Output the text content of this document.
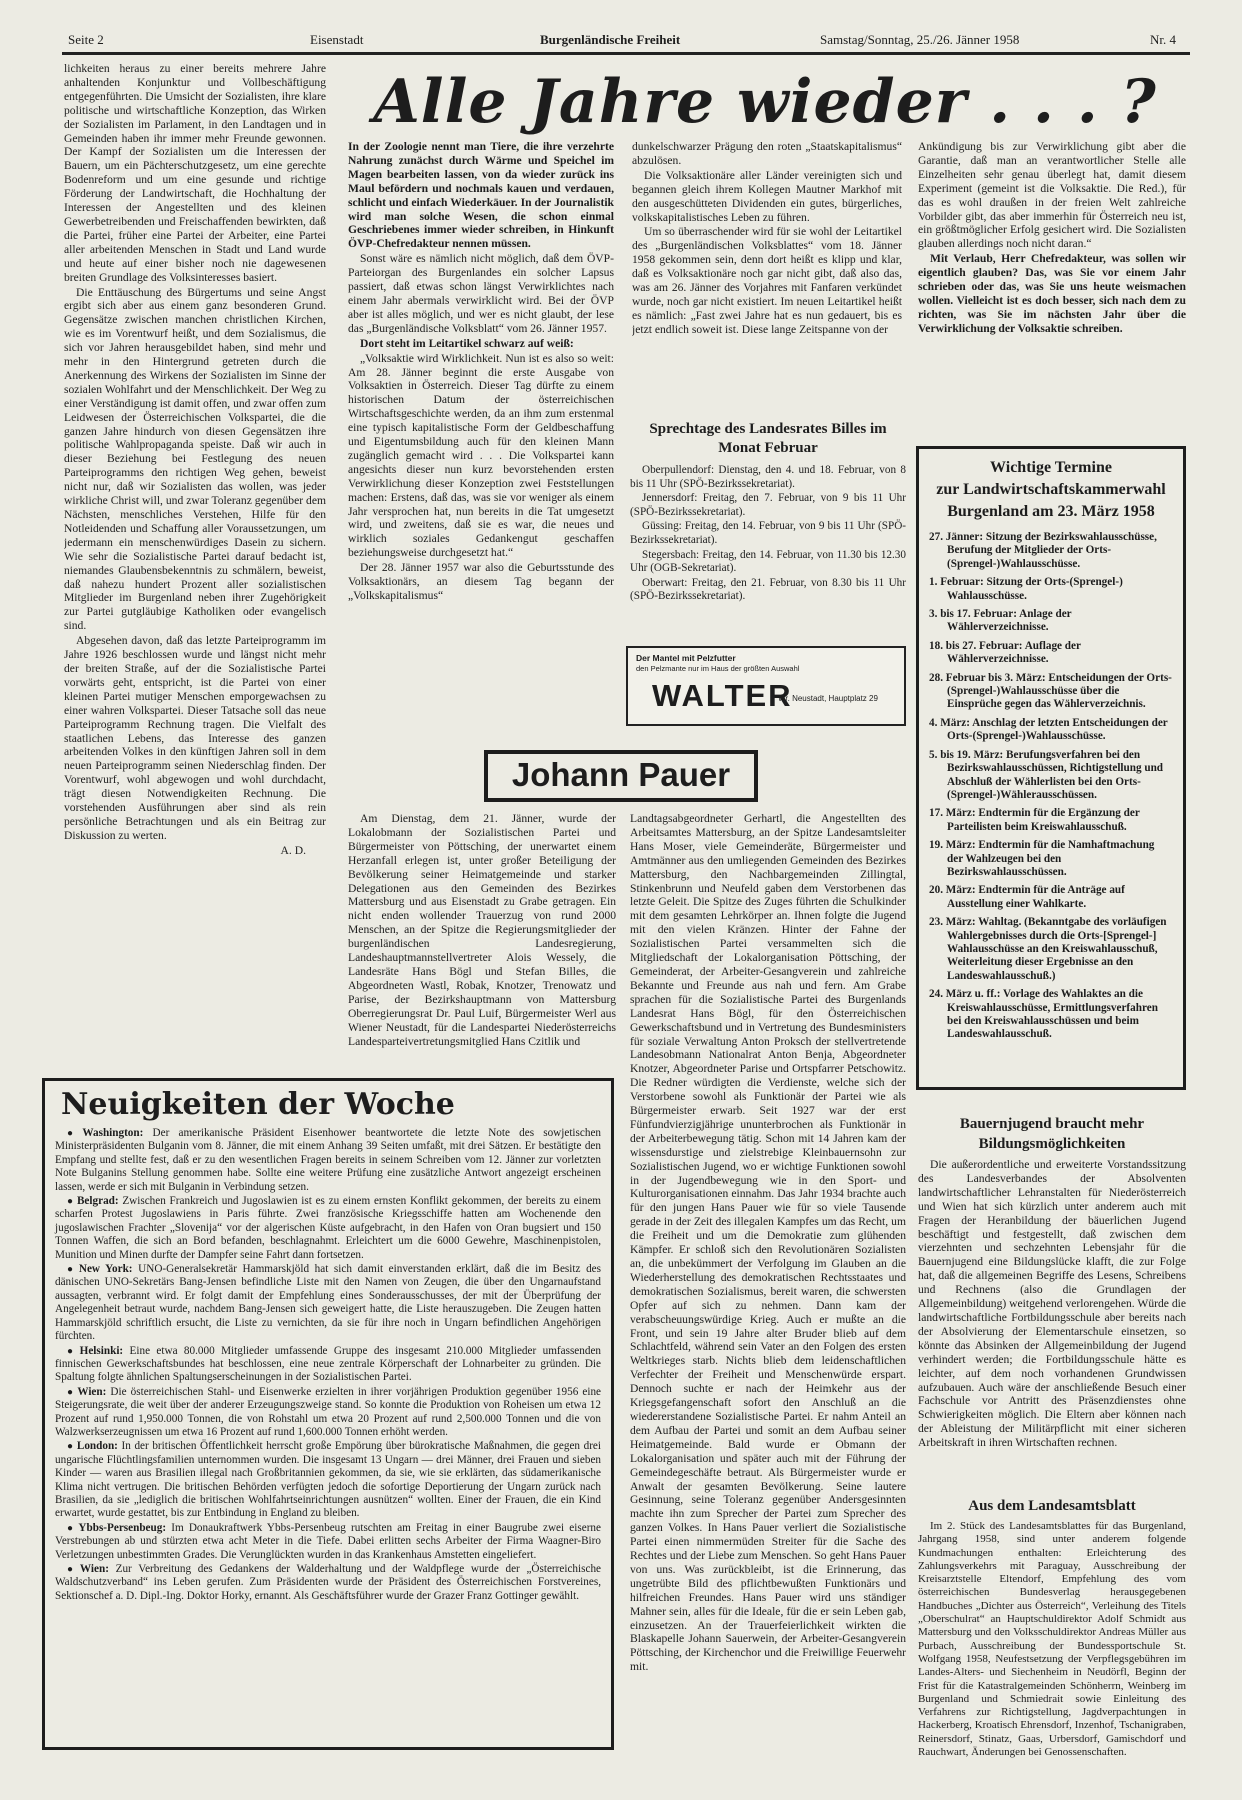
Seite 2	Eisenstadt	Burgenländische Freiheit	Samstag/Sonntag, 25./26. Jänner 1958	Nr. 4

lichkeiten heraus zu einer bereits mehrere Jahre anhaltenden Konjunktur und Vollbeschäftigung entgegenführten. Die Umsicht der Sozialisten, ihre klare politische und wirtschaftliche Konzeption, das Wirken der Sozialisten im Parlament, in den Landtagen und in Gemeinden haben ihr immer mehr Freunde gewonnen. Der Kampf der Sozialisten um die Interessen der Bauern, um ein Pächterschutzgesetz, um eine gerechte Bodenreform und um eine gesunde und richtige Förderung der Landwirtschaft, die Hochhaltung der Interessen der Angestellten und des kleinen Gewerbetreibenden und Freischaffenden bewirkten, daß die Partei, früher eine Partei der Arbeiter, eine Partei aller arbeitenden Menschen in Stadt und Land wurde und heute auf einer bisher noch nie dagewesenen breiten Grundlage des Volksinteresses basiert.

Die Enttäuschung des Bürgertums und seine Angst ergibt sich aber aus einem ganz besonderen Grund. Gegensätze zwischen manchen christlichen Kirchen, wie es im Vorentwurf heißt, und dem Sozialismus, die sich vor Jahren herausgebildet haben, sind mehr und mehr in den Hintergrund getreten durch die Anerkennung des Wirkens der Sozialisten im Sinne der sozialen Wohlfahrt und der Menschlichkeit. Der Weg zu einer Verständigung ist damit offen, und zwar offen zum Leidwesen der Österreichischen Volkspartei, die die ganzen Jahre hindurch von diesen Gegensätzen ihre politische Wahlpropaganda speiste. Daß wir auch in dieser Beziehung bei Festlegung des neuen Parteiprogramms den richtigen Weg gehen, beweist nicht nur, daß wir Sozialisten das wollen, was jeder wirkliche Christ will, und zwar Toleranz gegenüber dem Nächsten, menschliches Verstehen, Hilfe für den Notleidenden und Schaffung aller Voraussetzungen, um jedermann ein menschenwürdiges Dasein zu sichern. Wie sehr die Sozialistische Partei darauf bedacht ist, niemandes Glaubensbekenntnis zu schmälern, beweist, daß nahezu hundert Prozent aller sozialistischen Mitglieder im Burgenland neben ihrer Zugehörigkeit zur Partei gutgläubige Katholiken oder evangelisch sind.

Abgesehen davon, daß das letzte Parteiprogramm im Jahre 1926 beschlossen wurde und längst nicht mehr der breiten Straße, auf der die Sozialistische Partei vorwärts geht, entspricht, ist die Partei von einer kleinen Partei mutiger Menschen emporgewachsen zu einer wahren Volkspartei. Dieser Tatsache soll das neue Parteiprogramm Rechnung tragen. Die Vielfalt des staatlichen Lebens, das Interesse des ganzen arbeitenden Volkes in den künftigen Jahren soll in dem neuen Parteiprogramm seinen Niederschlag finden. Der Vorentwurf, wohl abgewogen und wohl durchdacht, trägt diesen Notwendigkeiten Rechnung. Die vorstehenden Ausführungen aber sind als rein persönliche Betrachtungen und als ein Beitrag zur Diskussion zu werten.

A. D.

Alle Jahre wieder . . . ?

In der Zoologie nennt man Tiere, die ihre verzehrte Nahrung zunächst durch Wärme und Speichel im Magen bearbeiten lassen, von da wieder zurück ins Maul befördern und nochmals kauen und verdauen, schlicht und einfach Wiederkäuer. In der Journalistik wird man solche Wesen, die schon einmal Geschriebenes immer wieder schreiben, in Hinkunft ÖVP-Chefredakteur nennen müssen.

Sonst wäre es nämlich nicht möglich, daß dem ÖVP-Parteiorgan des Burgenlandes ein solcher Lapsus passiert, daß etwas schon längst Verwirklichtes nach einem Jahr abermals verwirklicht wird. Bei der ÖVP aber ist alles möglich, und wer es nicht glaubt, der lese das „Burgenländische Volksblatt“ vom 26. Jänner 1957.

Dort steht im Leitartikel schwarz auf weiß:

„Volksaktie wird Wirklichkeit. Nun ist es also so weit: Am 28. Jänner beginnt die erste Ausgabe von Volksaktien in Österreich. Dieser Tag dürfte zu einem historischen Datum der österreichischen Wirtschaftsgeschichte werden, da an ihm zum erstenmal eine typisch kapitalistische Form der Geldbeschaffung und Eigentumsbildung auch für den kleinen Mann zugänglich gemacht wird . . . Die Volkspartei kann angesichts dieser nun kurz bevorstehenden ersten Verwirklichung dieser Konzeption zwei Feststellungen machen: Erstens, daß das, was sie vor weniger als einem Jahr versprochen hat, nun bereits in die Tat umgesetzt wird, und zweitens, daß sie es war, die neues und wirklich soziales Gedankengut geschaffen beziehungsweise durchgesetzt hat.“

Der 28. Jänner 1957 war also die Geburtsstunde des Volksaktionärs, an diesem Tag begann der „Volkskapitalismus“

dunkelschwarzer Prägung den roten „Staatskapitalismus“ abzulösen.

Die Volksaktionäre aller Länder vereinigten sich und begannen gleich ihrem Kollegen Mautner Markhof mit den ausgeschütteten Dividenden ein gutes, bürgerliches, volkskapitalistisches Leben zu führen.

Um so überraschender wird für sie wohl der Leitartikel des „Burgenländischen Volksblattes“ vom 18. Jänner 1958 gekommen sein, denn dort heißt es klipp und klar, daß es Volksaktionäre noch gar nicht gibt, daß also das, was am 26. Jänner des Vorjahres mit Fanfaren verkündet wurde, noch gar nicht existiert. Im neuen Leitartikel heißt es nämlich: „Fast zwei Jahre hat es nun gedauert, bis es jetzt endlich soweit ist. Diese lange Zeitspanne von der

Ankündigung bis zur Verwirklichung gibt aber die Garantie, daß man an verantwortlicher Stelle alle Einzelheiten sehr genau überlegt hat, damit diesem Experiment (gemeint ist die Volksaktie. Die Red.), für das es wohl draußen in der freien Welt zahlreiche Vorbilder gibt, das aber immerhin für Österreich neu ist, ein größtmöglicher Erfolg gesichert wird. Die Sozialisten glauben allerdings noch nicht daran.“

Mit Verlaub, Herr Chefredakteur, was sollen wir eigentlich glauben? Das, was Sie vor einem Jahr schrieben oder das, was Sie uns heute weismachen wollen. Vielleicht ist es doch besser, sich nach dem zu richten, was Sie im nächsten Jahr über die Verwirklichung der Volksaktie schreiben.

Sprechtage des Landesrates Billes im Monat Februar

Oberpullendorf: Dienstag, den 4. und 18. Februar, von 8 bis 11 Uhr (SPÖ-Bezirkssekretariat).

Jennersdorf: Freitag, den 7. Februar, von 9 bis 11 Uhr (SPÖ-Bezirkssekretariat).

Güssing: Freitag, den 14. Februar, von 9 bis 11 Uhr (SPÖ-Bezirkssekretariat).

Stegersbach: Freitag, den 14. Februar, von 11.30 bis 12.30 Uhr (OGB-Sekretariat).

Oberwart: Freitag, den 21. Februar, von 8.30 bis 11 Uhr (SPÖ-Bezirkssekretariat).

Der Mantel mit Pelzfutter
den Pelzmante nur im Haus der größten Auswahl
WALTER
Wr. Neustadt, Hauptplatz 29
Johann Pauer

Am Dienstag, dem 21. Jänner, wurde der Lokalobmann der Sozialistischen Partei und Bürgermeister von Pöttsching, der unerwartet einem Herzanfall erlegen ist, unter großer Beteiligung der Bevölkerung seiner Heimatgemeinde und starker Delegationen aus den Gemeinden des Bezirkes Mattersburg und aus Eisenstadt zu Grabe getragen. Ein nicht enden wollender Trauerzug von rund 2000 Menschen, an der Spitze die Regierungsmitglieder der burgenländischen Landesregierung, Landeshauptmannstellvertreter Alois Wessely, die Landesräte Hans Bögl und Stefan Billes, die Abgeordneten Wastl, Robak, Knotzer, Trenowatz und Parise, der Bezirkshauptmann von Mattersburg Oberregierungsrat Dr. Paul Luif, Bürgermeister Werl aus Wiener Neustadt, für die Landespartei Niederösterreichs Landesparteivertretungsmitglied Hans Czitlik und

Landtagsabgeordneter Gerhartl, die Angestellten des Arbeitsamtes Mattersburg, an der Spitze Landesamtsleiter Hans Moser, viele Gemeinderäte, Bürgermeister und Amtmänner aus den umliegenden Gemeinden des Bezirkes Mattersburg, den Nachbargemeinden Zillingtal, Stinkenbrunn und Neufeld gaben dem Verstorbenen das letzte Geleit. Die Spitze des Zuges führten die Schulkinder mit dem gesamten Lehrkörper an. Ihnen folgte die Jugend mit den vielen Kränzen. Hinter der Fahne der Sozialistischen Partei versammelten sich die Mitgliedschaft der Lokalorganisation Pöttsching, der Gemeinderat, der Arbeiter-Gesangverein und zahlreiche Bekannte und Freunde aus nah und fern. Am Grabe sprachen für die Sozialistische Partei des Burgenlands Landesrat Hans Bögl, für den Österreichischen Gewerkschaftsbund und in Vertretung des Bundesministers für soziale Verwaltung Anton Proksch der stellvertretende Landesobmann Nationalrat Anton Benja, Abgeordneter Knotzer, Abgeordneter Parise und Ortspfarrer Petschowitz. Die Redner würdigten die Verdienste, welche sich der Verstorbene sowohl als Funktionär der Partei wie als Bürgermeister erwarb. Seit 1927 war der erst Fünfundvierzigjährige ununterbrochen als Funktionär in der Arbeiterbewegung tätig. Schon mit 14 Jahren kam der wissensdurstige und zielstrebige Kleinbauernsohn zur Sozialistischen Jugend, wo er wichtige Funktionen sowohl in der Jugendbewegung wie in den Sport- und Kulturorganisationen einnahm. Das Jahr 1934 brachte auch für den jungen Hans Pauer wie für so viele Tausende gerade in der Zeit des illegalen Kampfes um das Recht, um die Freiheit und um die Demokratie zum glühenden Kämpfer. Er schloß sich den Revolutionären Sozialisten an, die unbekümmert der Verfolgung im Glauben an die Wiederherstellung des demokratischen Rechtsstaates und demokratischen Sozialismus, bereit waren, die schwersten Opfer auf sich zu nehmen. Dann kam der verabscheuungswürdige Krieg. Auch er mußte an die Front, und sein 19 Jahre alter Bruder blieb auf dem Schlachtfeld, während sein Vater an den Folgen des ersten Weltkrieges starb. Nichts blieb dem leidenschaftlichen Verfechter der Freiheit und Menschenwürde erspart. Dennoch suchte er nach der Heimkehr aus der Kriegsgefangenschaft sofort den Anschluß an die wiedererstandene Sozialistische Partei. Er nahm Anteil an dem Aufbau der Partei und somit an dem Aufbau seiner Heimatgemeinde. Bald wurde er Obmann der Lokalorganisation und später auch mit der Führung der Gemeindegeschäfte betraut. Als Bürgermeister wurde er Anwalt der gesamten Bevölkerung. Seine lautere Gesinnung, seine Toleranz gegenüber Andersgesinnten machte ihn zum Sprecher der Partei zum Sprecher des ganzen Volkes. In Hans Pauer verliert die Sozialistische Partei einen nimmermüden Streiter für die Sache des Rechtes und der Liebe zum Menschen. So geht Hans Pauer von uns. Was zurückbleibt, ist die Erinnerung, das ungetrübte Bild des pflichtbewußten Funktionärs und hilfreichen Freundes. Hans Pauer wird uns ständiger Mahner sein, alles für die Ideale, für die er sein Leben gab, einzusetzen. An der Trauerfeierlichkeit wirkten die Blaskapelle Johann Sauerwein, der Arbeiter-Gesangverein Pöttsching, der Kirchenchor und die Freiwillige Feuerwehr mit.

Neuigkeiten der Woche

● Washington: Der amerikanische Präsident Eisenhower beantwortete die letzte Note des sowjetischen Ministerpräsidenten Bulganin vom 8. Jänner, die mit einem Anhang 39 Seiten umfaßt, mit drei Sätzen. Er bestätigte den Empfang und stellte fest, daß er zu den wesentlichen Fragen bereits in seinem Schreiben vom 12. Jänner zur vorletzten Note Bulganins Stellung genommen habe. Sollte eine weitere Prüfung eine zusätzliche Antwort angezeigt erscheinen lassen, werde er sich mit Bulganin in Verbindung setzen.

● Belgrad: Zwischen Frankreich und Jugoslawien ist es zu einem ernsten Konflikt gekommen, der bereits zu einem scharfen Protest Jugoslawiens in Paris führte. Zwei französische Kriegsschiffe hatten am Wochenende den jugoslawischen Frachter „Slovenija“ vor der algerischen Küste aufgebracht, in den Hafen von Oran bugsiert und 150 Tonnen Waffen, die sich an Bord befanden, beschlagnahmt. Erleichtert um die 6000 Gewehre, Maschinenpistolen, Munition und Minen durfte der Dampfer seine Fahrt dann fortsetzen.

● New York: UNO-Generalsekretär Hammarskjöld hat sich damit einverstanden erklärt, daß die im Besitz des dänischen UNO-Sekretärs Bang-Jensen befindliche Liste mit den Namen von Zeugen, die über den Ungarnaufstand aussagten, verbrannt wird. Er folgt damit der Empfehlung eines Sonderausschusses, der mit der Überprüfung der Angelegenheit betraut wurde, nachdem Bang-Jensen sich geweigert hatte, die Liste herauszugeben. Die Zeugen hatten Hammarskjöld schriftlich ersucht, die Liste zu vernichten, da sie für ihre noch in Ungarn befindlichen Angehörigen fürchten.

● Helsinki: Eine etwa 80.000 Mitglieder umfassende Gruppe des insgesamt 210.000 Mitglieder umfassenden finnischen Gewerkschaftsbundes hat beschlossen, eine neue zentrale Körperschaft der Lohnarbeiter zu gründen. Die Spaltung folgte ähnlichen Spaltungserscheinungen in der Sozialistischen Partei.

● Wien: Die österreichischen Stahl- und Eisenwerke erzielten in ihrer vorjährigen Produktion gegenüber 1956 eine Steigerungsrate, die weit über der anderer Erzeugungszweige stand. So konnte die Produktion von Roheisen um etwa 12 Prozent auf rund 1,950.000 Tonnen, die von Rohstahl um etwa 20 Prozent auf rund 2,500.000 Tonnen und die von Walzwerkserzeugnissen um etwa 16 Prozent auf rund 1,600.000 Tonnen erhöht werden.

● London: In der britischen Öffentlichkeit herrscht große Empörung über bürokratische Maßnahmen, die gegen drei ungarische Flüchtlingsfamilien unternommen wurden. Die insgesamt 13 Ungarn — drei Männer, drei Frauen und sieben Kinder — waren aus Brasilien illegal nach Großbritannien gekommen, da sie, wie sie erklärten, das südamerikanische Klima nicht vertrugen. Die britischen Behörden verfügten jedoch die sofortige Deportierung der Ungarn zurück nach Brasilien, da sie „lediglich die britischen Wohlfahrtseinrichtungen ausnützen“ wollten. Einer der Frauen, die ein Kind erwartet, wurde gestattet, bis zur Entbindung in England zu bleiben.

● Ybbs-Persenbeug: Im Donaukraftwerk Ybbs-Persenbeug rutschten am Freitag in einer Baugrube zwei eiserne Verstrebungen ab und stürzten etwa acht Meter in die Tiefe. Dabei erlitten sechs Arbeiter der Firma Waagner-Biro Verletzungen unbestimmten Grades. Die Verunglückten wurden in das Krankenhaus Amstetten eingeliefert.

● Wien: Zur Verbreitung des Gedankens der Walderhaltung und der Waldpflege wurde der „Österreichische Waldschutzverband“ ins Leben gerufen. Zum Präsidenten wurde der Präsident des Österreichischen Forstvereines, Sektionschef a. D. Dipl.-Ing. Doktor Horky, ernannt. Als Geschäftsführer wurde der Grazer Franz Gottinger gewählt.

Wichtige Termine
zur Landwirtschaftskammerwahl
Burgenland am 23. März 1958
27. Jänner: Sitzung der Bezirkswahlausschüsse, Berufung der Mitglieder der Orts-(Sprengel-)Wahlausschüsse.
1. Februar: Sitzung der Orts-(Sprengel-) Wahlausschüsse.
3. bis 17. Februar: Anlage der Wählerverzeichnisse.
18. bis 27. Februar: Auflage der Wählerverzeichnisse.
28. Februar bis 3. März: Entscheidungen der Orts-(Sprengel-)Wahlausschüsse über die Einsprüche gegen das Wählerverzeichnis.
4. März: Anschlag der letzten Entscheidungen der Orts-(Sprengel-)Wahlausschüsse.
5. bis 19. März: Berufungsverfahren bei den Bezirkswahlausschüssen, Richtigstellung und Abschluß der Wählerlisten bei den Orts-(Sprengel-)Wählerausschüssen.
17. März: Endtermin für die Ergänzung der Parteilisten beim Kreiswahlausschuß.
19. März: Endtermin für die Namhaftmachung der Wahlzeugen bei den Bezirkswahlausschüssen.
20. März: Endtermin für die Anträge auf Ausstellung einer Wahlkarte.
23. März: Wahltag. (Bekanntgabe des vorläufigen Wahlergebnisses durch die Orts-[Sprengel-] Wahlausschüsse an den Kreiswahlausschuß, Weiterleitung dieser Ergebnisse an den Landeswahlausschuß.)
24. März u. ff.: Vorlage des Wahlaktes an die Kreiswahlausschüsse, Ermittlungsverfahren bei den Kreiswahlausschüssen und beim Landeswahlausschuß.
Bauernjugend braucht mehr
Bildungsmöglichkeiten

Die außerordentliche und erweiterte Vorstandssitzung des Landesverbandes der Absolventen landwirtschaftlicher Lehranstalten für Niederösterreich und Wien hat sich kürzlich unter anderem auch mit Fragen der Heranbildung der bäuerlichen Jugend beschäftigt und festgestellt, daß zwischen dem vierzehnten und sechzehnten Lebensjahr für die Bauernjugend eine Bildungslücke klafft, die zur Folge hat, daß die allgemeinen Begriffe des Lesens, Schreibens und Rechnens (also die Grundlagen der Allgemeinbildung) weitgehend verlorengehen. Würde die landwirtschaftliche Fortbildungsschule aber bereits nach der Absolvierung der Elementarschule einsetzen, so könnte das Absinken der Allgemeinbildung der Jugend verhindert werden; die Fortbildungsschule hätte es leichter, auf dem noch vorhandenen Grundwissen aufzubauen. Auch wäre der anschließende Besuch einer Fachschule vor Antritt des Präsenzdienstes ohne Schwierigkeiten möglich. Die Eltern aber können nach der Ableistung der Militärpflicht mit einer sicheren Arbeitskraft in ihren Wirtschaften rechnen.

Aus dem Landesamtsblatt

Im 2. Stück des Landesamtsblattes für das Burgenland, Jahrgang 1958, sind unter anderem folgende Kundmachungen enthalten: Erleichterung des Zahlungsverkehrs mit Paraguay, Ausschreibung der Kreisarztstelle Eltendorf, Empfehlung des vom österreichischen Bundesverlag herausgegebenen Handbuches „Dichter aus Österreich“, Verleihung des Titels „Oberschulrat“ an Hauptschuldirektor Adolf Schmidt aus Mattersburg und den Volksschuldirektor Andreas Müller aus Purbach, Ausschreibung der Bundessportschule St. Wolfgang 1958, Neufestsetzung der Verpflegsgebühren im Landes-Alters- und Siechenheim in Neudörfl, Beginn der Frist für die Katastralgemeinden Schönherrn, Weinberg im Burgenland und Schmiedrait sowie Einleitung des Verfahrens zur Richtigstellung, Jagdverpachtungen in Hackerberg, Kroatisch Ehrensdorf, Inzenhof, Tschanigraben, Reinersdorf, Stinatz, Gaas, Urbersdorf, Gamischdorf und Rauchwart, Änderungen bei Genossenschaften.
